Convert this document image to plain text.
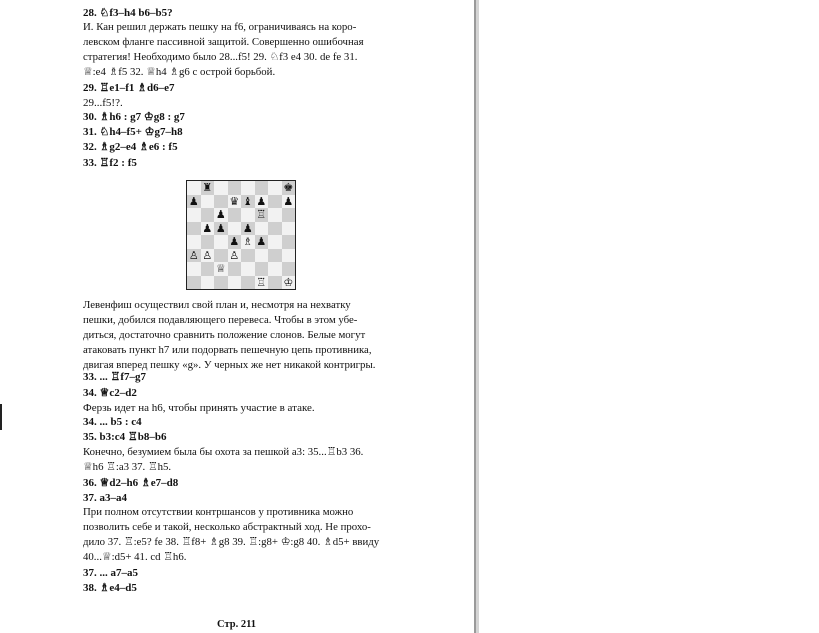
28. ♘f3–h4 b6–b5?
И. Кан решил держать пешку на f6, ограничиваясь на коро-
левском фланге пассивной защитой. Совершенно ошибочная
стратегия! Необходимо было 28...f5! 29. ♘f3 e4 30. de fe 31.
♕:e4 ♗f5 32. ♕h4 ♗g6 с острой борьбой.
29. ♖e1–f1 ♗d6–e7
29...f5!?.
30. ♗h6 : g7 ♔g8 : g7
31. ♘h4–f5+ ♔g7–h8
32. ♗g2–e4 ♗e6 : f5
33. ♖f2 : f5
♜	♚
♟	♛ ♝ ♟ ♟
♟	♖
♟ ♟ ♟
♟ ♗ ♟
♙ ♙ ♙
♕
♖ ♔
Левенфиш осуществил свой план и, несмотря на нехватку
пешки, добился подавляющего перевеса. Чтобы в этом убе-
диться, достаточно сравнить положение слонов. Белые могут
атаковать пункт h7 или подорвать пешечную цепь противника,
двигая вперед пешку «g». У черных же нет никакой контригры.
33. ... ♖f7–g7
34. ♕c2–d2
Ферзь идет на h6, чтобы принять участие в атаке.
34. ... b5 : c4
35. b3:c4 ♖b8–b6
Конечно, безумием была бы охота за пешкой a3: 35...♖b3 36.
♕h6 ♖:a3 37. ♖h5.
36. ♕d2–h6 ♗e7–d8
37. a3–a4
При полном отсутствии контршансов у противника можно
позволить себе и такой, несколько абстрактный ход. Не прохо-
дило 37. ♖:e5? fe 38. ♖f8+ ♗g8 39. ♖:g8+ ♔:g8 40. ♗d5+ ввиду
40...♕:d5+ 41. cd ♖h6.
37. ... a7–a5
38. ♗e4–d5
Стр. 211
